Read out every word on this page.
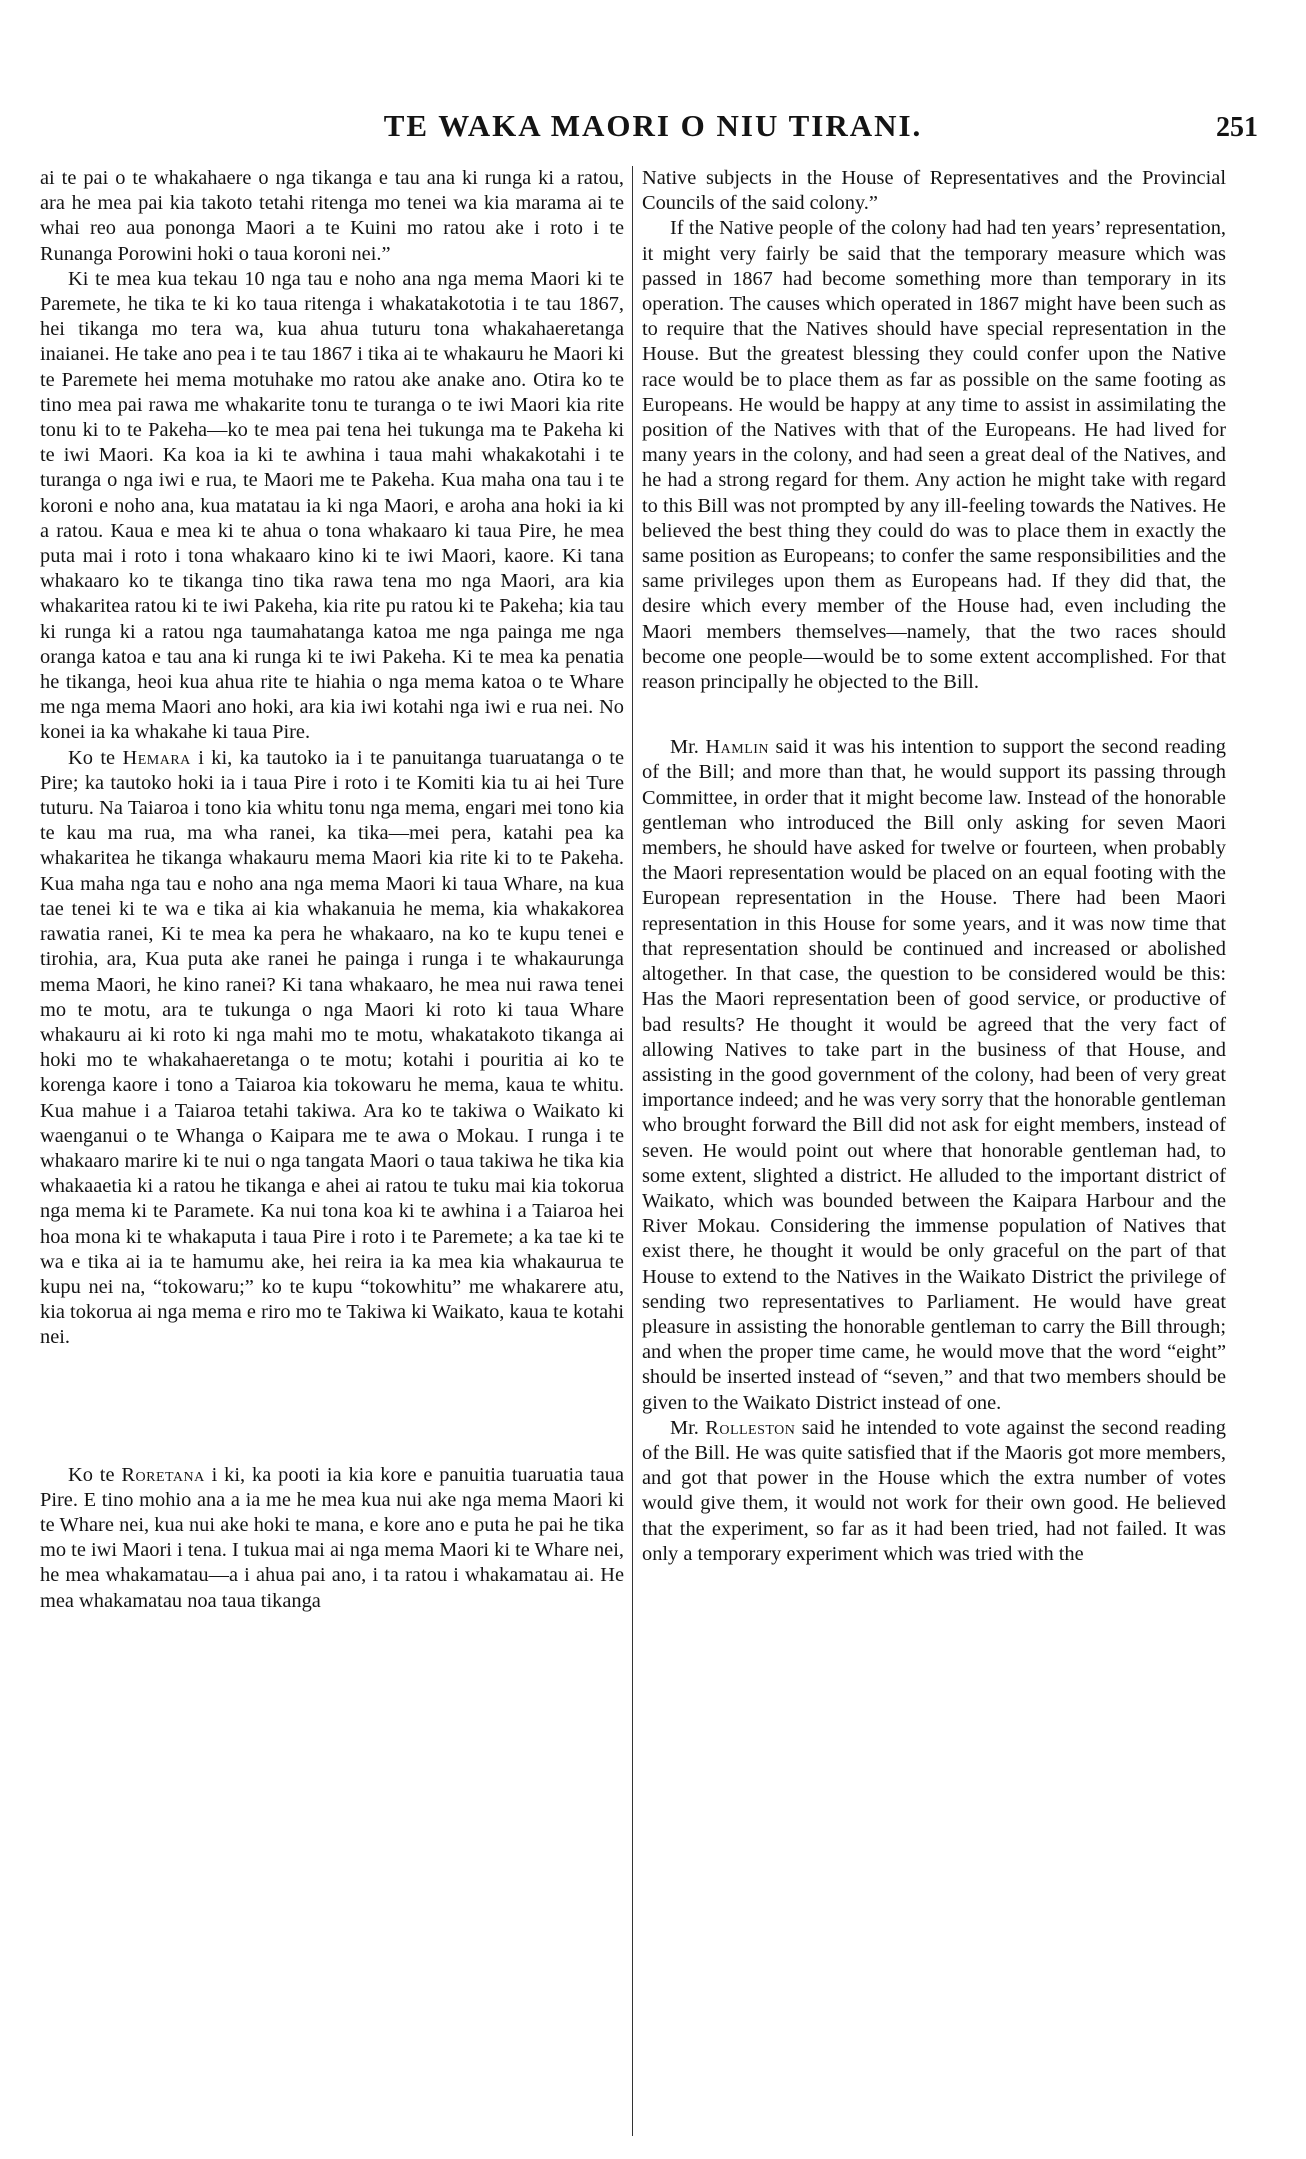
TE WAKA MAORI O NIU TIRANI.	251

ai te pai o te whakahaere o nga tikanga e tau ana ki runga ki a ratou, ara he mea pai kia takoto tetahi ritenga mo tenei wa kia marama ai te whai reo aua pononga Maori a te Kuini mo ratou ake i roto i te Runanga Porowini hoki o taua koroni nei.”

Ki te mea kua tekau 10 nga tau e noho ana nga mema Maori ki te Paremete, he tika te ki ko taua ritenga i whakatakototia i te tau 1867, hei tikanga mo tera wa, kua ahua tuturu tona whakahaeretanga inaianei. He take ano pea i te tau 1867 i tika ai te whakauru he Maori ki te Paremete hei mema motuhake mo ratou ake anake ano. Otira ko te tino mea pai rawa me whakarite tonu te turanga o te iwi Maori kia rite tonu ki to te Pakeha—ko te mea pai tena hei tukunga ma te Pakeha ki te iwi Maori. Ka koa ia ki te awhina i taua mahi whakakotahi i te turanga o nga iwi e rua, te Maori me te Pakeha. Kua maha ona tau i te koroni e noho ana, kua matatau ia ki nga Maori, e aroha ana hoki ia ki a ratou. Kaua e mea ki te ahua o tona whakaaro ki taua Pire, he mea puta mai i roto i tona whakaaro kino ki te iwi Maori, kaore. Ki tana whakaaro ko te tikanga tino tika rawa tena mo nga Maori, ara kia whakaritea ratou ki te iwi Pakeha, kia rite pu ratou ki te Pakeha; kia tau ki runga ki a ratou nga taumahatanga katoa me nga painga me nga oranga katoa e tau ana ki runga ki te iwi Pakeha. Ki te mea ka penatia he tikanga, heoi kua ahua rite te hiahia o nga mema katoa o te Whare me nga mema Maori ano hoki, ara kia iwi kotahi nga iwi e rua nei. No konei ia ka whakahe ki taua Pire.

Ko te Hemara i ki, ka tautoko ia i te panuitanga tuaruatanga o te Pire; ka tautoko hoki ia i taua Pire i roto i te Komiti kia tu ai hei Ture tuturu. Na Taiaroa i tono kia whitu tonu nga mema, engari mei tono kia te kau ma rua, ma wha ranei, ka tika—mei pera, katahi pea ka whakaritea he tikanga whakauru mema Maori kia rite ki to te Pakeha. Kua maha nga tau e noho ana nga mema Maori ki taua Whare, na kua tae tenei ki te wa e tika ai kia whakanuia he mema, kia whakakorea rawatia ranei, Ki te mea ka pera he whakaaro, na ko te kupu tenei e tirohia, ara, Kua puta ake ranei he painga i runga i te whakaurunga mema Maori, he kino ranei? Ki tana whakaaro, he mea nui rawa tenei mo te motu, ara te tukunga o nga Maori ki roto ki taua Whare whakauru ai ki roto ki nga mahi mo te motu, whakatakoto tikanga ai hoki mo te whakahaeretanga o te motu; kotahi i pouritia ai ko te korenga kaore i tono a Taiaroa kia tokowaru he mema, kaua te whitu. Kua mahue i a Taiaroa tetahi takiwa. Ara ko te takiwa o Waikato ki waenganui o te Whanga o Kaipara me te awa o Mokau. I runga i te whakaaro marire ki te nui o nga tangata Maori o taua takiwa he tika kia whakaaetia ki a ratou he tikanga e ahei ai ratou te tuku mai kia tokorua nga mema ki te Paramete. Ka nui tona koa ki te awhina i a Taiaroa hei hoa mona ki te whakaputa i taua Pire i roto i te Paremete; a ka tae ki te wa e tika ai ia te hamumu ake, hei reira ia ka mea kia whakaurua te kupu nei na, “tokowaru;” ko te kupu “tokowhitu” me whakarere atu, kia tokorua ai nga mema e riro mo te Takiwa ki Waikato, kaua te kotahi nei.

Ko te Roretana i ki, ka pooti ia kia kore e panuitia tuaruatia taua Pire. E tino mohio ana a ia me he mea kua nui ake nga mema Maori ki te Whare nei, kua nui ake hoki te mana, e kore ano e puta he pai he tika mo te iwi Maori i tena. I tukua mai ai nga mema Maori ki te Whare nei, he mea whakamatau—a i ahua pai ano, i ta ratou i whakamatau ai. He mea whakamatau noa taua tikanga

Native subjects in the House of Representatives and the Provincial Councils of the said colony.”

If the Native people of the colony had had ten years’ representation, it might very fairly be said that the temporary measure which was passed in 1867 had become something more than temporary in its operation. The causes which operated in 1867 might have been such as to require that the Natives should have special representation in the House. But the greatest blessing they could confer upon the Native race would be to place them as far as possible on the same footing as Europeans. He would be happy at any time to assist in assimilating the position of the Natives with that of the Europeans. He had lived for many years in the colony, and had seen a great deal of the Natives, and he had a strong regard for them. Any action he might take with regard to this Bill was not prompted by any ill-feeling towards the Natives. He believed the best thing they could do was to place them in exactly the same position as Europeans; to confer the same responsibilities and the same privileges upon them as Europeans had. If they did that, the desire which every member of the House had, even including the Maori members themselves—namely, that the two races should become one people—would be to some extent accomplished. For that reason principally he objected to the Bill.

Mr. Hamlin said it was his intention to support the second reading of the Bill; and more than that, he would support its passing through Committee, in order that it might become law. Instead of the honorable gentleman who introduced the Bill only asking for seven Maori members, he should have asked for twelve or fourteen, when probably the Maori representation would be placed on an equal footing with the European representation in the House. There had been Maori representation in this House for some years, and it was now time that that representation should be continued and increased or abolished altogether. In that case, the question to be considered would be this: Has the Maori representation been of good service, or productive of bad results? He thought it would be agreed that the very fact of allowing Natives to take part in the business of that House, and assisting in the good government of the colony, had been of very great importance indeed; and he was very sorry that the honorable gentleman who brought forward the Bill did not ask for eight members, instead of seven. He would point out where that honorable gentleman had, to some extent, slighted a district. He alluded to the important district of Waikato, which was bounded between the Kaipara Harbour and the River Mokau. Considering the immense population of Natives that exist there, he thought it would be only graceful on the part of that House to extend to the Natives in the Waikato District the privilege of sending two representatives to Parliament. He would have great pleasure in assisting the honorable gentleman to carry the Bill through; and when the proper time came, he would move that the word “eight” should be inserted instead of “seven,” and that two members should be given to the Waikato District instead of one.

Mr. Rolleston said he intended to vote against the second reading of the Bill. He was quite satisfied that if the Maoris got more members, and got that power in the House which the extra number of votes would give them, it would not work for their own good. He believed that the experiment, so far as it had been tried, had not failed. It was only a temporary experiment which was tried with the
